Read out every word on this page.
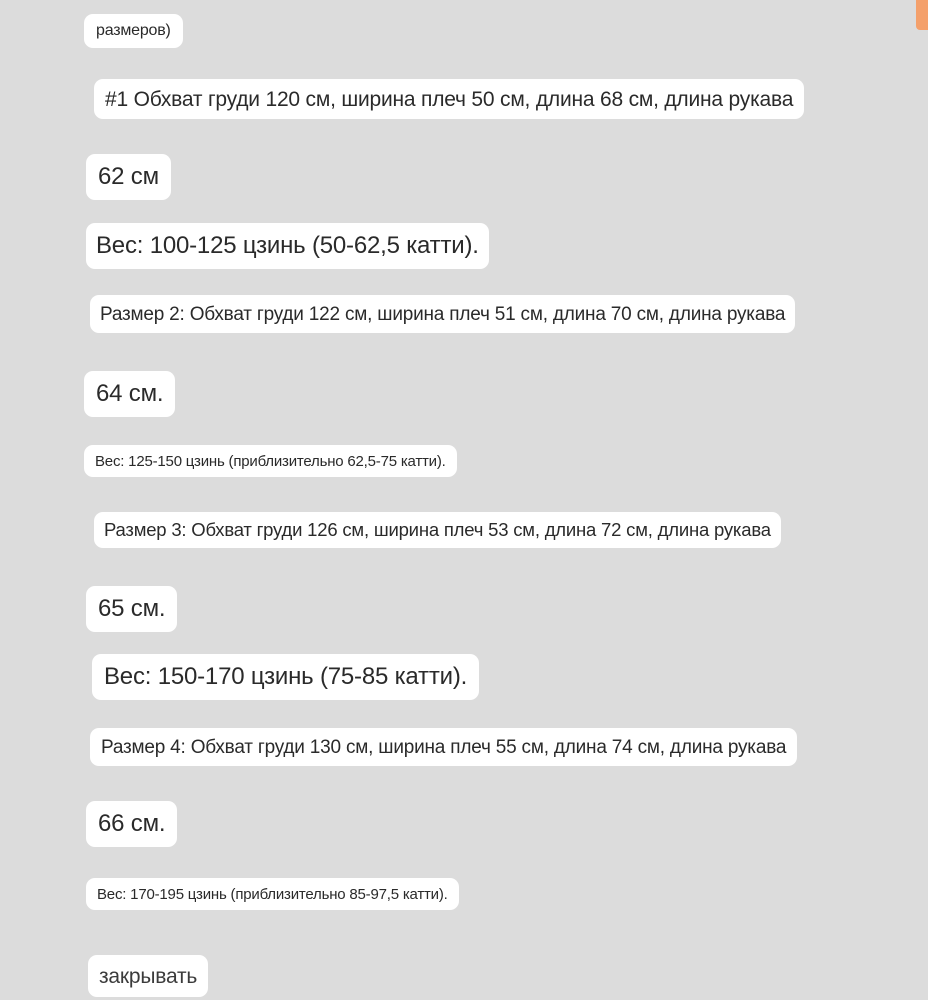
размеров)
#1 Обхват груди 120 см, ширина плеч 50 см, длина 68 см, длина рукава
62 см
Вес: 100-125 цзинь (50-62,5 катти).
Размер 2: Обхват груди 122 см, ширина плеч 51 см, длина 70 см, длина рукава
64 см.
Вес: 125-150 цзинь (приблизительно 62,5-75 катти).
Размер 3: Обхват груди 126 см, ширина плеч 53 см, длина 72 см, длина рукава
65 см.
Вес: 150-170 цзинь (75-85 катти).
Размер 4: Обхват груди 130 см, ширина плеч 55 см, длина 74 см, длина рукава
66 см.
Вес: 170-195 цзинь (приблизительно 85-97,5 катти).
закрывать
